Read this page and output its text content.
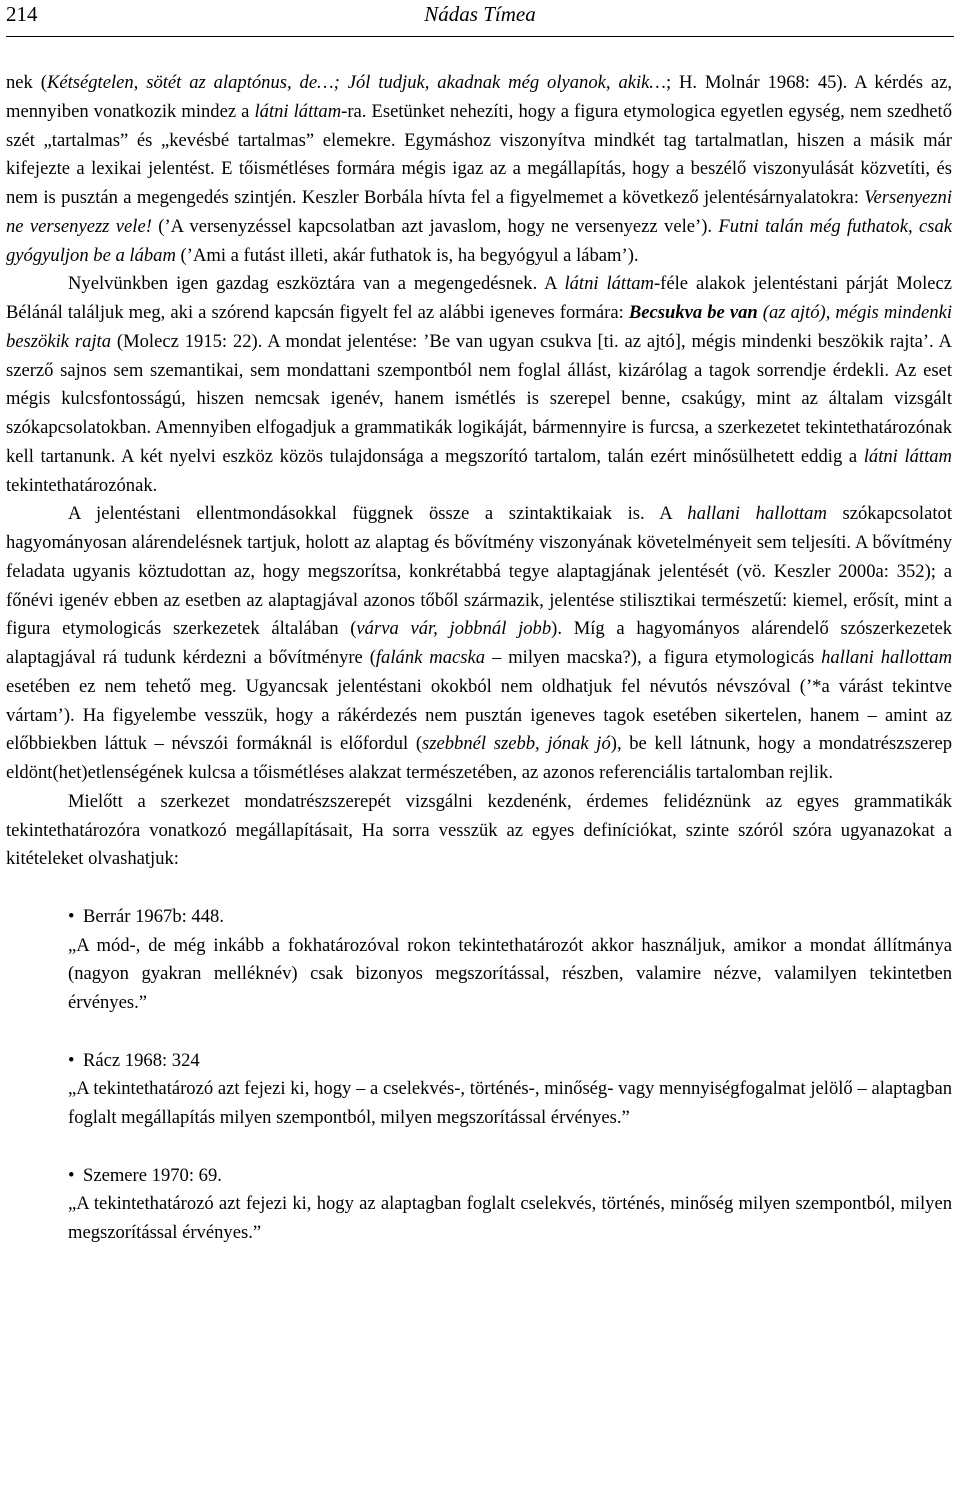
214	Nádas Tímea

nek (Kétségtelen, sötét az alaptónus, de…; Jól tudjuk, akadnak még olyanok, akik…; H. Molnár 1968: 45). A kérdés az, mennyiben vonatkozik mindez a látni láttam-ra. Esetünket nehezíti, hogy a figura etymologica egyetlen egység, nem szedhető szét „tartalmas” és „kevésbé tartalmas” elemekre. Egymáshoz viszonyítva mindkét tag tartalmatlan, hiszen a másik már kifejezte a lexikai jelentést. E tőismétléses formára mégis igaz az a megállapítás, hogy a beszélő viszonyulását közvetíti, és nem is pusztán a megengedés szintjén. Keszler Borbála hívta fel a figyelmemet a következő jelentésárnyalatokra: Versenyezni ne versenyezz vele! (’A versenyzéssel kapcsolatban azt javaslom, hogy ne versenyezz vele’). Futni talán még futhatok, csak gyógyuljon be a lábam (’Ami a futást illeti, akár futhatok is, ha begyógyul a lábam’).

Nyelvünkben igen gazdag eszköztára van a megengedésnek. A látni láttam-féle alakok jelentéstani párját Molecz Bélánál találjuk meg, aki a szórend kapcsán figyelt fel az alábbi igeneves formára: Becsukva be van (az ajtó), mégis mindenki beszökik rajta (Molecz 1915: 22). A mondat jelentése: ’Be van ugyan csukva [ti. az ajtó], mégis mindenki beszökik rajta’. A szerző sajnos sem szemantikai, sem mondattani szempontból nem foglal állást, kizárólag a tagok sorrendje érdekli. Az eset mégis kulcsfontosságú, hiszen nemcsak igenév, hanem ismétlés is szerepel benne, csakúgy, mint az általam vizsgált szókapcsolatokban. Amennyiben elfogadjuk a grammatikák logikáját, bármennyire is furcsa, a szerkezetet tekintethatározónak kell tartanunk. A két nyelvi eszköz közös tulajdonsága a megszorító tartalom, talán ezért minősülhetett eddig a látni láttam tekintethatározónak.

A jelentéstani ellentmondásokkal függnek össze a szintaktikaiak is. A hallani hallottam szókapcsolatot hagyományosan alárendelésnek tartjuk, holott az alaptag és bővítmény viszonyának követelményeit sem teljesíti. A bővítmény feladata ugyanis köztudottan az, hogy megszorítsa, konkrétabbá tegye alaptagjának jelentését (vö. Keszler 2000a: 352); a főnévi igenév ebben az esetben az alaptagjával azonos tőből származik, jelentése stilisztikai természetű: kiemel, erősít, mint a figura etymologicás szerkezetek általában (várva vár, jobbnál jobb). Míg a hagyományos alárendelő szószerkezetek alaptagjával rá tudunk kérdezni a bővítményre (falánk macska – milyen macska?), a figura etymologicás hallani hallottam esetében ez nem tehető meg. Ugyancsak jelentéstani okokból nem oldhatjuk fel névutós névszóval (’*a várást tekintve vártam’). Ha figyelembe vesszük, hogy a rákérdezés nem pusztán igeneves tagok esetében sikertelen, hanem – amint az előbbiekben láttuk – névszói formáknál is előfordul (szebbnél szebb, jónak jó), be kell látnunk, hogy a mondatrészszerep eldönt(het)etlenségének kulcsa a tőismétléses alakzat természetében, az azonos referenciális tartalomban rejlik.

Mielőtt a szerkezet mondatrészszerepét vizsgálni kezdenénk, érdemes felidéznünk az egyes grammatikák tekintethatározóra vonatkozó megállapításait, Ha sorra vesszük az egyes definíciókat, szinte szóról szóra ugyanazokat a kitételeket olvashatjuk:

• Berrár 1967b: 448.

„A mód-, de még inkább a fokhatározóval rokon tekintethatározót akkor használjuk, amikor a mondat állítmánya (nagyon gyakran melléknév) csak bizonyos megszorítással, részben, valamire nézve, valamilyen tekintetben érvényes.”

• Rácz 1968: 324

„A tekintethatározó azt fejezi ki, hogy – a cselekvés-, történés-, minőség- vagy mennyiségfogalmat jelölő – alaptagban foglalt megállapítás milyen szempontból, milyen megszorítással érvényes.”

• Szemere 1970: 69.

„A tekintethatározó azt fejezi ki, hogy az alaptagban foglalt cselekvés, történés, minőség milyen szempontból, milyen megszorítással érvényes.”
